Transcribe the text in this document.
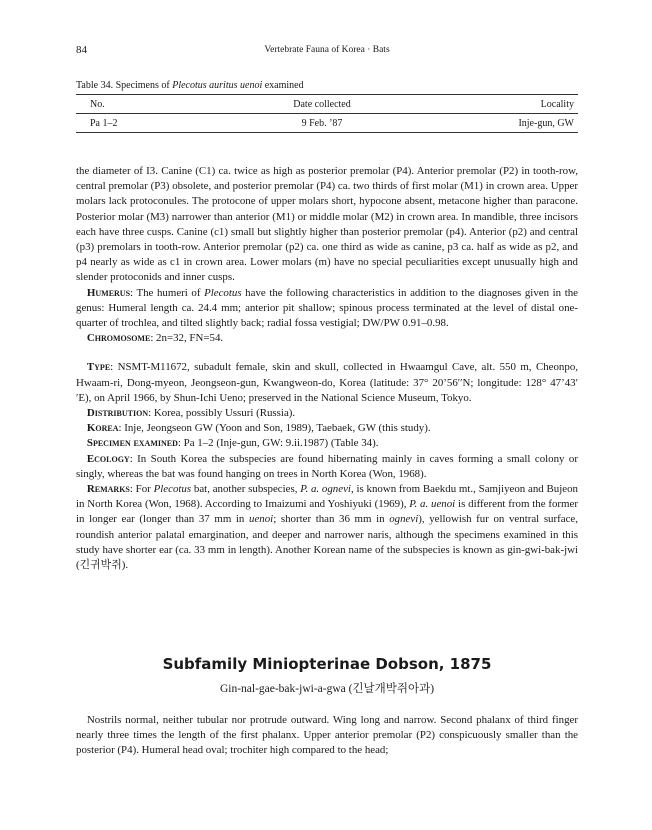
84	Vertebrate Fauna of Korea · Bats
Table 34. Specimens of Plecotus auritus uenoi examined
No.	Date collected	Locality
Pa 1–2	9 Feb. ’87	Inje-gun, GW

the diameter of I3. Canine (C1) ca. twice as high as posterior premolar (P4). Anterior premolar (P2) in tooth-row, central premolar (P3) obsolete, and posterior premolar (P4) ca. two thirds of first molar (M1) in crown area. Upper molars lack protoconules. The protocone of upper molars short, hypocone absent, metacone higher than paracone. Posterior molar (M3) narrower than anterior (M1) or middle molar (M2) in crown area. In mandible, three incisors each have three cusps. Canine (c1) small but slightly higher than posterior premolar (p4). Anterior (p2) and central (p3) premolars in tooth-row. Anterior premolar (p2) ca. one third as wide as canine, p3 ca. half as wide as p2, and p4 nearly as wide as c1 in crown area. Lower molars (m) have no special peculiarities except unusually high and slender protoconids and inner cusps.

 Humerus: The humeri of Plecotus have the following characteristics in addition to the diagnoses given in the genus: Humeral length ca. 24.4 mm; anterior pit shallow; spinous process terminated at the level of distal one-quarter of trochlea, and tilted slightly back; radial fossa vestigial; DW/PW 0.91–0.98.

 Chromosome: 2n=32, FN=54.

 Type: NSMT-M11672, subadult female, skin and skull, collected in Hwaamgul Cave, alt. 550 m, Cheonpo, Hwaam-ri, Dong-myeon, Jeongseon-gun, Kwangweon-do, Korea (latitude: 37° 20’56′′N; longitude: 128° 47’43′′E), on April 1966, by Shun-Ichi Ueno; preserved in the National Science Museum, Tokyo.

 Distribution: Korea, possibly Ussuri (Russia).

 Korea: Inje, Jeongseon GW (Yoon and Son, 1989), Taebaek, GW (this study).

 Specimen examined: Pa 1–2 (Inje-gun, GW: 9.ii.1987) (Table 34).

 Ecology: In South Korea the subspecies are found hibernating mainly in caves forming a small colony or singly, whereas the bat was found hanging on trees in North Korea (Won, 1968).

 Remarks: For Plecotus bat, another subspecies, P. a. ognevi, is known from Baekdu mt., Samjiyeon and Bujeon in North Korea (Won, 1968). According to Imaizumi and Yoshiyuki (1969), P. a. uenoi is different from the former in longer ear (longer than 37 mm in uenoi; shorter than 36 mm in ognevi), yellowish fur on ventral surface, roundish anterior palatal emargination, and deeper and narrower naris, although the specimens examined in this study have shorter ear (ca. 33 mm in length). Another Korean name of the subspecies is known as gin-gwi-bak-jwi (긴귀박쥐).

Subfamily Miniopterinae Dobson, 1875
Gin-nal-gae-bak-jwi-a-gwa (긴날개박쥐아과)

 Nostrils normal, neither tubular nor protrude outward. Wing long and narrow. Second phalanx of third finger nearly three times the length of the first phalanx. Upper anterior premolar (P2) conspicuously smaller than the posterior (P4). Humeral head oval; trochiter high compared to the head;
